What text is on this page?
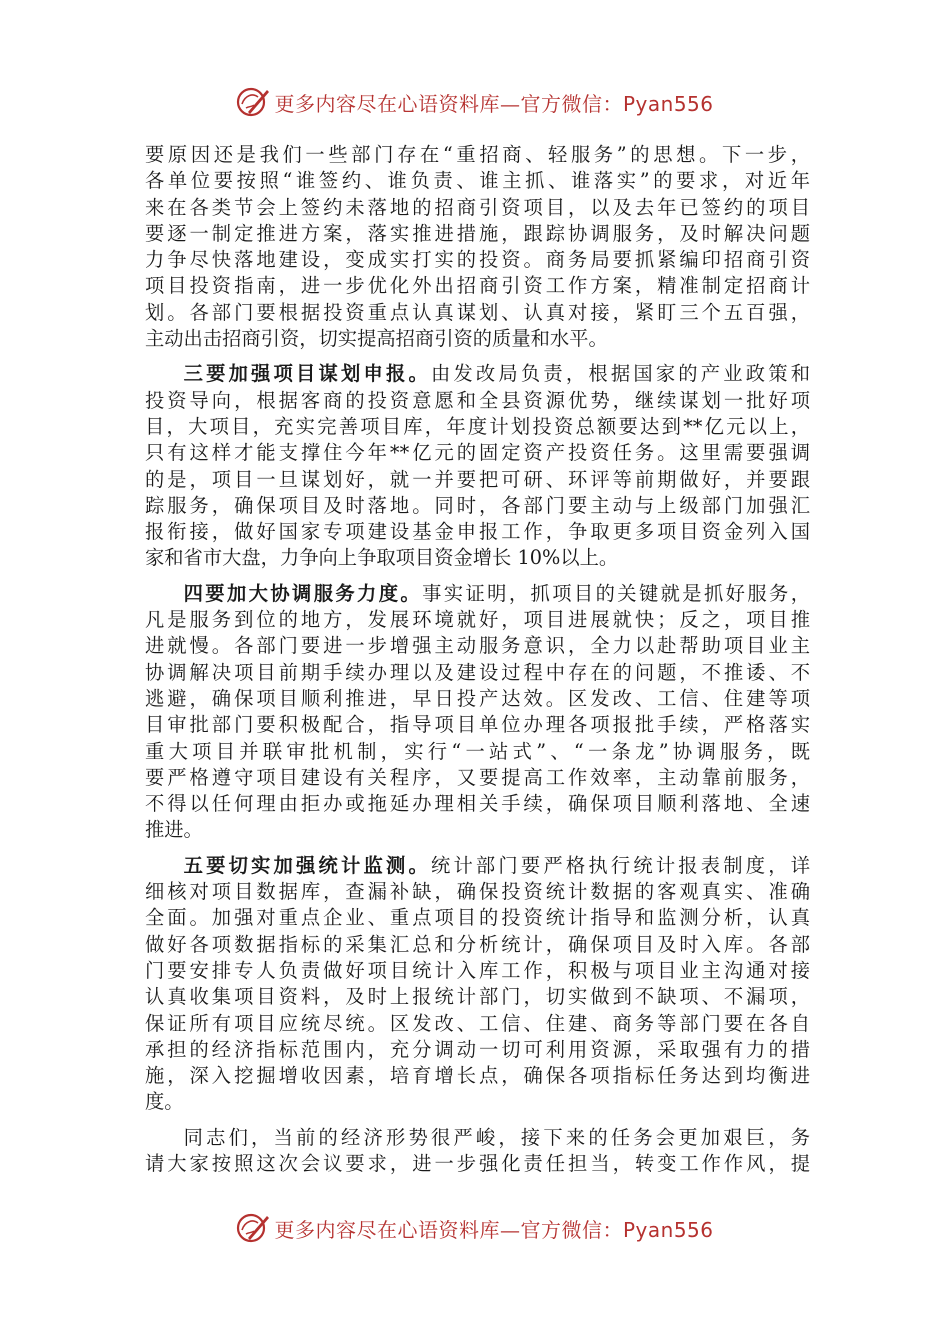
更多内容尽在心语资料库—官方微信：Pyan556

要原因还是我们一些部门存在“重招商、轻服务”的思想。下一步，
各单位要按照“谁签约、谁负责、谁主抓、谁落实”的要求，对近年
来在各类节会上签约未落地的招商引资项目，以及去年已签约的项目
要逐一制定推进方案，落实推进措施，跟踪协调服务，及时解决问题
力争尽快落地建设，变成实打实的投资。商务局要抓紧编印招商引资
项目投资指南，进一步优化外出招商引资工作方案，精准制定招商计
划。各部门要根据投资重点认真谋划、认真对接，紧盯三个五百强，
主动出击招商引资，切实提高招商引资的质量和水平。

三要加强项目谋划申报。由发改局负责，根据国家的产业政策和
投资导向，根据客商的投资意愿和全县资源优势，继续谋划一批好项
目，大项目，充实完善项目库，年度计划投资总额要达到**亿元以上，
只有这样才能支撑住今年**亿元的固定资产投资任务。这里需要强调
的是，项目一旦谋划好，就一并要把可研、环评等前期做好，并要跟
踪服务，确保项目及时落地。同时，各部门要主动与上级部门加强汇
报衔接，做好国家专项建设基金申报工作，争取更多项目资金列入国
家和省市大盘，力争向上争取项目资金增长 10%以上。

四要加大协调服务力度。事实证明，抓项目的关键就是抓好服务，
凡是服务到位的地方，发展环境就好，项目进展就快；反之，项目推
进就慢。各部门要进一步增强主动服务意识，全力以赴帮助项目业主
协调解决项目前期手续办理以及建设过程中存在的问题，不推诿、不
逃避，确保项目顺利推进，早日投产达效。区发改、工信、住建等项
目审批部门要积极配合，指导项目单位办理各项报批手续，严格落实
重大项目并联审批机制，实行“一站式”、“一条龙”协调服务，既
要严格遵守项目建设有关程序，又要提高工作效率，主动靠前服务，
不得以任何理由拒办或拖延办理相关手续，确保项目顺利落地、全速
推进。

五要切实加强统计监测。统计部门要严格执行统计报表制度，详
细核对项目数据库，查漏补缺，确保投资统计数据的客观真实、准确
全面。加强对重点企业、重点项目的投资统计指导和监测分析，认真
做好各项数据指标的采集汇总和分析统计，确保项目及时入库。各部
门要安排专人负责做好项目统计入库工作，积极与项目业主沟通对接
认真收集项目资料，及时上报统计部门，切实做到不缺项、不漏项，
保证所有项目应统尽统。区发改、工信、住建、商务等部门要在各自
承担的经济指标范围内，充分调动一切可利用资源，采取强有力的措
施，深入挖掘增收因素，培育增长点，确保各项指标任务达到均衡进
度。

同志们，当前的经济形势很严峻，接下来的任务会更加艰巨，务
请大家按照这次会议要求，进一步强化责任担当，转变工作作风，提

更多内容尽在心语资料库—官方微信：Pyan556
